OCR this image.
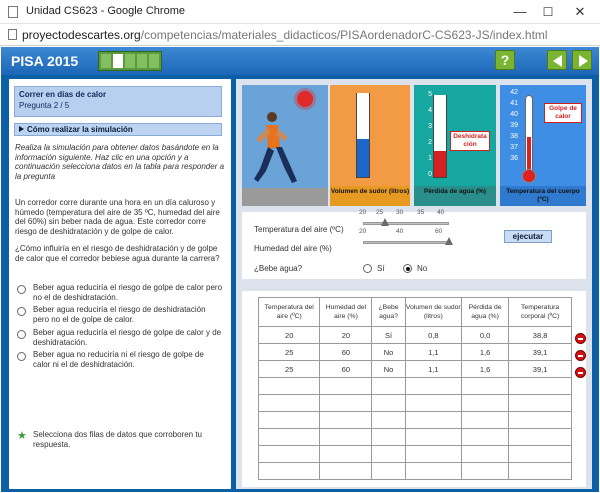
Unidad CS623 - Google Chrome	—	☐	✕
proyectodescartes.org/competencias/materiales_didacticos/PISAordenadorC-CS623-JS/index.html
PISA 2015	?
Correr en días de calor
Pregunta 2 / 5
Cómo realizar la simulación
Realiza la simulación para obtener datos basándote en la información siguiente. Haz clic en una opción y a continuación selecciona datos en la tabla para responder a la pregunta
Un corredor corre durante una hora en un día caluroso y húmedo (temperatura del aire de 35 ºC, humedad del aire del 60%) sin beber nada de agua. Este corredor corre riesgo de deshidratación y de golpe de calor.
¿Cómo influiría en el riesgo de deshidratación y de golpe de calor que el corredor bebiese agua durante la carrera?
Beber agua reduciría el riesgo de golpe de calor pero no el de deshidratación.
Beber agua reduciría el riesgo de deshidratación pero no el de golpe de calor.
Beber agua reduciría el riesgo de golpe de calor y de deshidratación.
Beber agua no reduciría ni el riesgo de golpe de calor ni el de deshidratación.
★ Selecciona dos filas de datos que corroboren tu respuesta.
Volumen de sudor (litros)
5
4
3
2
1
0
Deshidrata ción
Pérdida de agua (%)
42
41
40
39
38
37
36
Golpe de calor
Temperatura del cuerpo (ºC)
Temperatura del aire (ºC)
20 25 30 35 40
Humedad del aire (%)
20	40	60
¿Bebe agua?	Sí	No
ejecutar
Temperatura del aire (ºC)	Humedad del aire (%)	¿Bebe agua?	Volumen de sudor (litros)	Pérdida de agua (%)	Temperatura corporal (ºC)
20	20	Sí	0,8	0,0	38,8
25	60	No	1,1	1,6	39,1
25	60	No	1,1	1,6	39,1
